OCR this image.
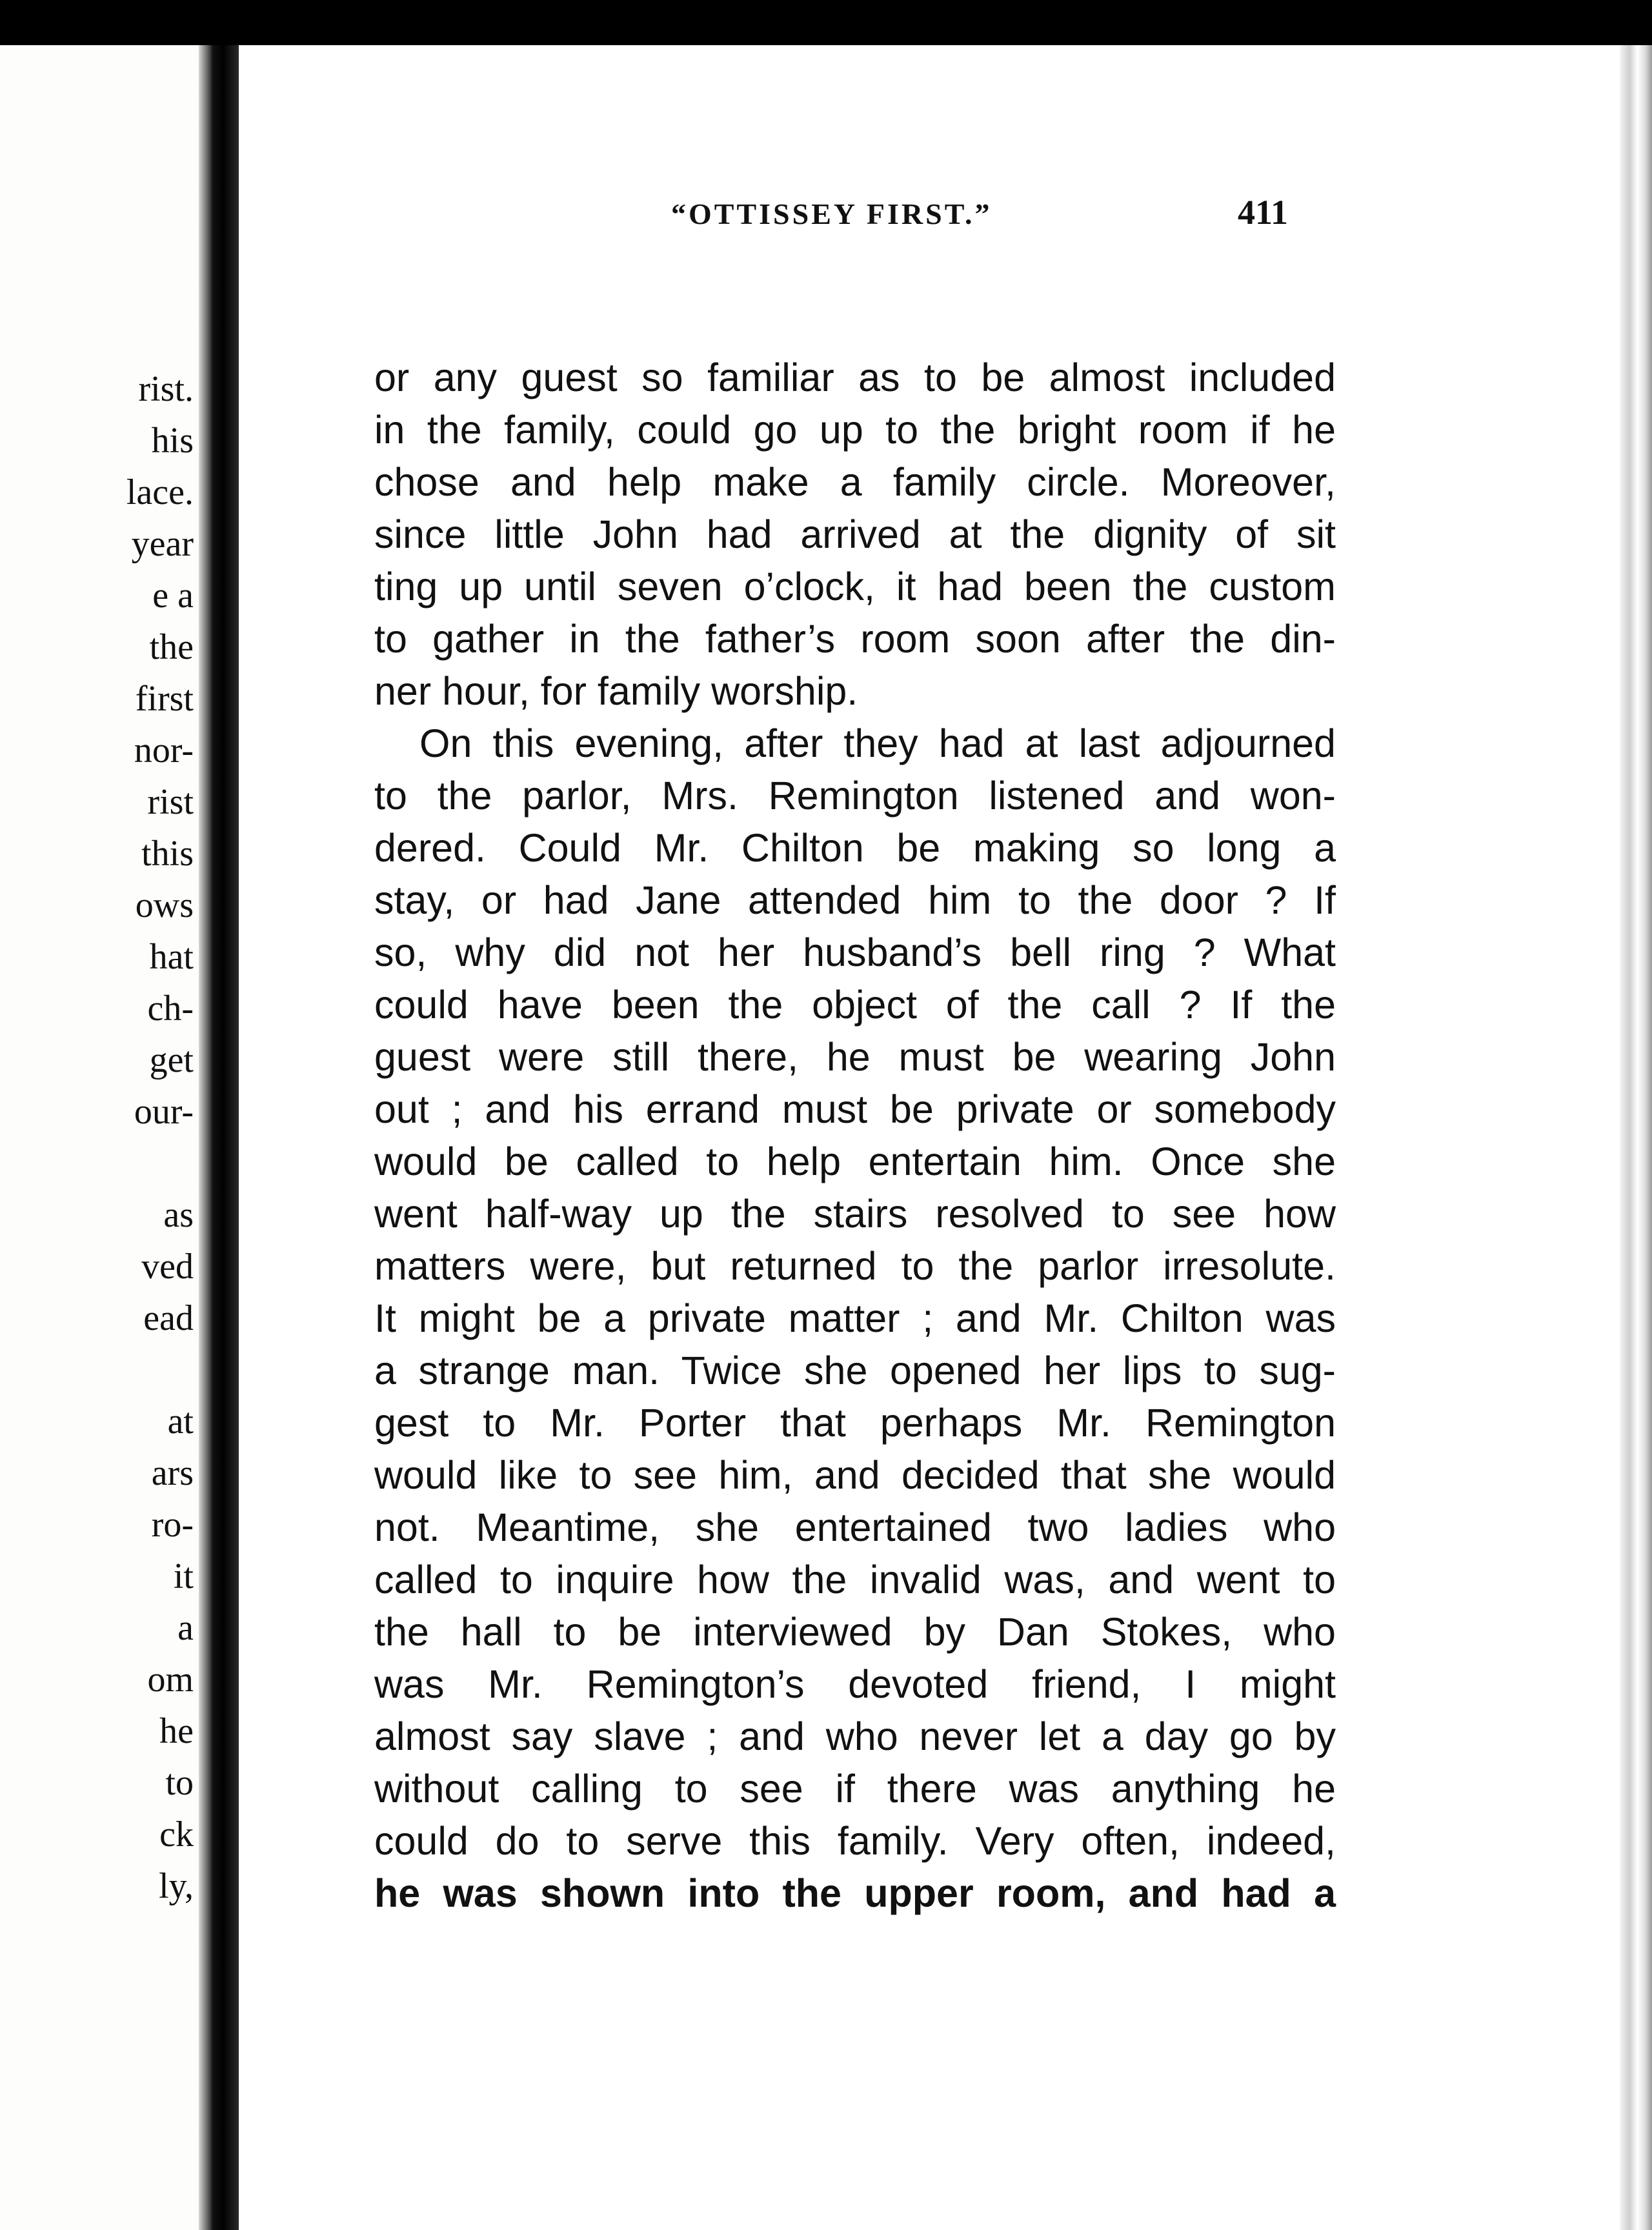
rist.
his
lace.
year
e a
the
first
nor-
rist
this
ows
hat
ch-
get
our-
as
ved
ead
at
ars
ro-
it
a
om
he
to
ck
ly,
“OTTISSEY FIRST.”	411
or any guest so familiar as to be almost included
in the family, could go up to the bright room if he
chose and help make a family circle. Moreover,
since little John had arrived at the dignity of sit
ting up until seven o’clock, it had been the custom
to gather in the father’s room soon after the din-
ner hour, for family worship.
On this evening, after they had at last adjourned
to the parlor, Mrs. Remington listened and won-
dered. Could Mr. Chilton be making so long a
stay, or had Jane attended him to the door ? If
so, why did not her husband’s bell ring ? What
could have been the object of the call ? If the
guest were still there, he must be wearing John
out ; and his errand must be private or somebody
would be called to help entertain him. Once she
went half-way up the stairs resolved to see how
matters were, but returned to the parlor irresolute.
It might be a private matter ; and Mr. Chilton was
a strange man. Twice she opened her lips to sug-
gest to Mr. Porter that perhaps Mr. Remington
would like to see him, and decided that she would
not. Meantime, she entertained two ladies who
called to inquire how the invalid was, and went to
the hall to be interviewed by Dan Stokes, who
was Mr. Remington’s devoted friend, I might
almost say slave ; and who never let a day go by
without calling to see if there was anything he
could do to serve this family. Very often, indeed,
he was shown into the upper room, and had a
